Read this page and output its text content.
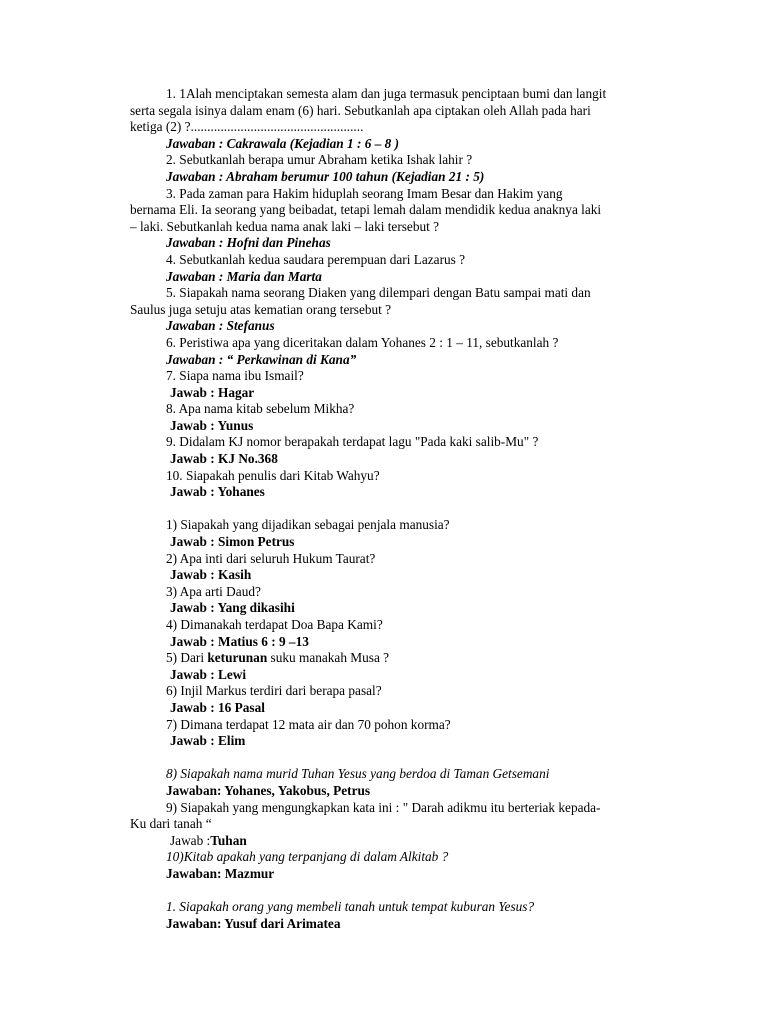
1. 1Alah menciptakan semesta alam dan juga termasuk penciptaan bumi dan langit
serta segala isinya dalam enam (6) hari. Sebutkanlah apa ciptakan oleh Allah pada hari
ketiga (2) ?....................................................
Jawaban : Cakrawala (Kejadian 1 : 6 – 8 )
2. Sebutkanlah berapa umur Abraham ketika Ishak lahir ?
Jawaban : Abraham berumur 100 tahun (Kejadian 21 : 5)
3. Pada zaman para Hakim hiduplah seorang Imam Besar dan Hakim yang
bernama Eli. Ia seorang yang beibadat, tetapi lemah dalam mendidik kedua anaknya laki
– laki. Sebutkanlah kedua nama anak laki – laki tersebut ?
Jawaban : Hofni dan Pinehas
4. Sebutkanlah kedua saudara perempuan dari Lazarus ?
Jawaban : Maria dan Marta
5. Siapakah nama seorang Diaken yang dilempari dengan Batu sampai mati dan
Saulus juga setuju atas kematian orang tersebut ?
Jawaban : Stefanus
6. Peristiwa apa yang diceritakan dalam Yohanes 2 : 1 – 11, sebutkanlah ?
Jawaban : “ Perkawinan di Kana”
7. Siapa nama ibu Ismail?
Jawab : Hagar
8. Apa nama kitab sebelum Mikha?
Jawab : Yunus
9. Didalam KJ nomor berapakah terdapat lagu "Pada kaki salib-Mu" ?
Jawab : KJ No.368
10. Siapakah penulis dari Kitab Wahyu?
Jawab : Yohanes
1) Siapakah yang dijadikan sebagai penjala manusia?
Jawab : Simon Petrus
2) Apa inti dari seluruh Hukum Taurat?
Jawab : Kasih
3) Apa arti Daud?
Jawab : Yang dikasihi
4) Dimanakah terdapat Doa Bapa Kami?
Jawab : Matius 6 : 9 –13
5) Dari keturunan suku manakah Musa ?
Jawab : Lewi
6) Injil Markus terdiri dari berapa pasal?
Jawab : 16 Pasal
7) Dimana terdapat 12 mata air dan 70 pohon korma?
Jawab : Elim
8) Siapakah nama murid Tuhan Yesus yang berdoa di Taman Getsemani
Jawaban: Yohanes, Yakobus, Petrus
9) Siapakah yang mengungkapkan kata ini : " Darah adikmu itu berteriak kepada-
Ku dari tanah “
Jawab :Tuhan
10)Kitab apakah yang terpanjang di dalam Alkitab ?
Jawaban: Mazmur
1. Siapakah orang yang membeli tanah untuk tempat kuburan Yesus?
Jawaban: Yusuf dari Arimatea
